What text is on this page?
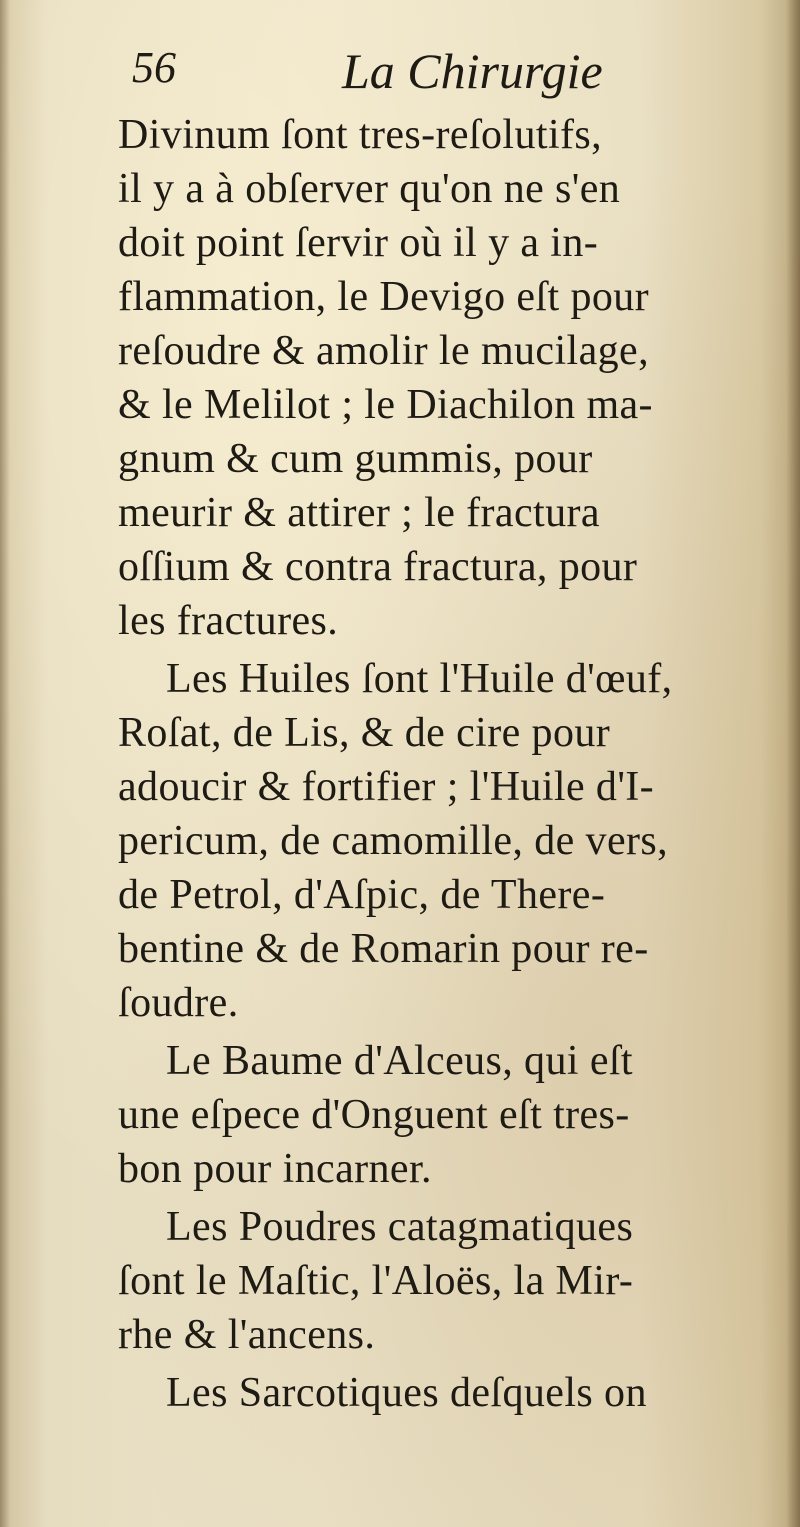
56	La Chirurgie
Divinum ſont tres-reſolutifs,
il y a à obſerver qu'on ne s'en
doit point ſervir où il y a in-
flammation, le Devigo eſt pour
reſoudre & amolir le mucilage,
& le Melilot ; le Diachilon ma-
gnum & cum gummis, pour
meurir & attirer ; le fractura
oſſium & contra fractura, pour
les fractures.
Les Huiles ſont l'Huile d'œuf,
Roſat, de Lis, & de cire pour
adoucir & fortifier ; l'Huile d'I-
pericum, de camomille, de vers,
de Petrol, d'Aſpic, de There-
bentine & de Romarin pour re-
ſoudre.
Le Baume d'Alceus, qui eſt
une eſpece d'Onguent eſt tres-
bon pour incarner.
Les Poudres catagmatiques
ſont le Maſtic, l'Aloës, la Mir-
rhe & l'ancens.
Les Sarcotiques deſquels on
